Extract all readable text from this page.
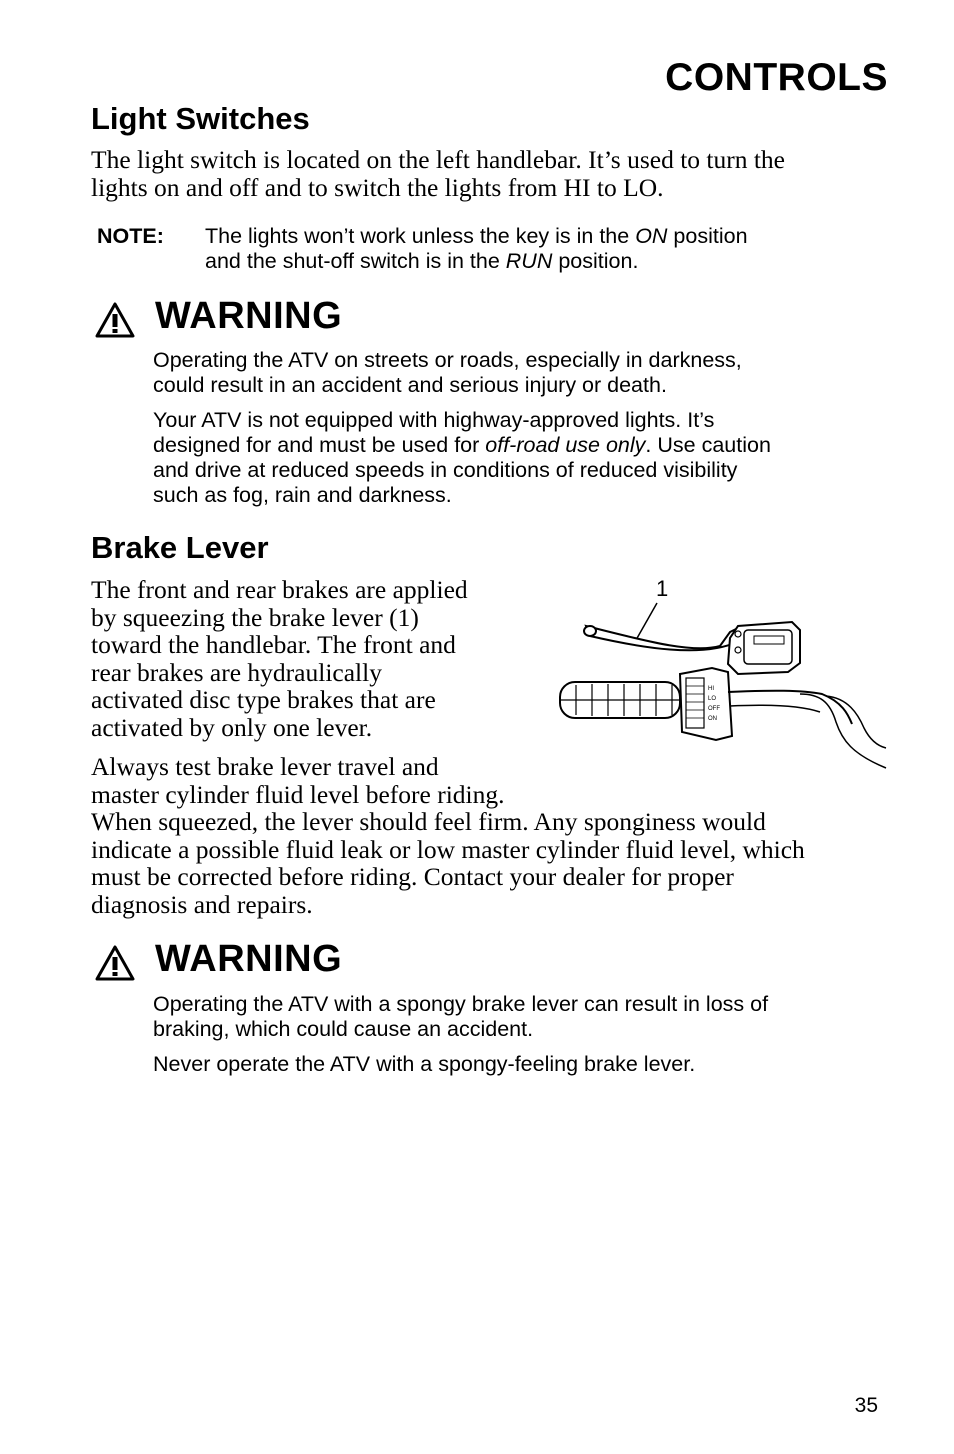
CONTROLS
Light Switches

The light switch is located on the left handlebar. It’s used to turn the

lights on and off and to switch the lights from HI to LO.

NOTE: The lights won’t work unless the key is in the ON position

and the shut-off switch is in the RUN position.

WARNING

Operating the ATV on streets or roads, especially in darkness,

could result in an accident and serious injury or death.

Your ATV is not equipped with highway-approved lights. It’s

designed for and must be used for off-road use only. Use caution

and drive at reduced speeds in conditions of reduced visibility

such as fog, rain and darkness.

Brake Lever

The front and rear brakes are applied

by squeezing the brake lever (1)

toward the handlebar. The front and

rear brakes are hydraulically

activated disc type brakes that are

activated by only one lever.

1
HI
LO
OFF
ON

Always test brake lever travel and

master cylinder fluid level before riding.

When squeezed, the lever should feel firm. Any sponginess would

indicate a possible fluid leak or low master cylinder fluid level, which

must be corrected before riding. Contact your dealer for proper

diagnosis and repairs.

WARNING

Operating the ATV with a spongy brake lever can result in loss of

braking, which could cause an accident.

Never operate the ATV with a spongy-feeling brake lever.

35
